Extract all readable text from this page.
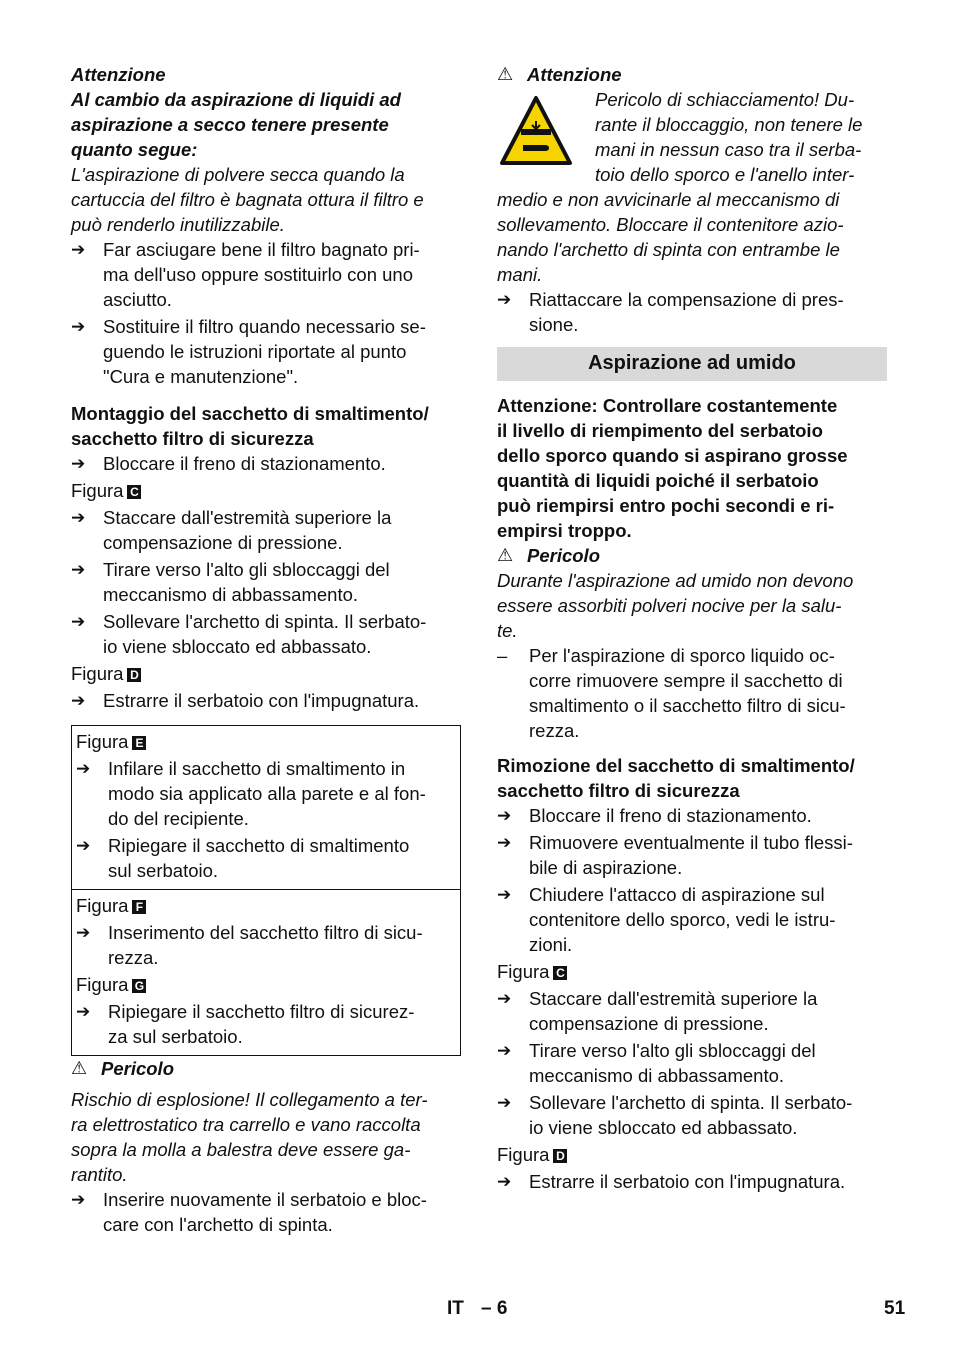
Attenzione

Al cambio da aspirazione di liquidi ad

aspirazione a secco tenere presente

quanto segue:

L'aspirazione di polvere secca quando la

cartuccia del filtro è bagnata ottura il filtro e

può renderlo inutilizzabile.

➔ Far asciugare bene il filtro bagnato pri-
ma dell'uso oppure sostituirlo con uno
asciutto.
➔ Sostituire il filtro quando necessario se-
guendo le istruzioni riportate al punto
"Cura e manutenzione".

Montaggio del sacchetto di smaltimento/

sacchetto filtro di sicurezza

➔ Bloccare il freno di stazionamento.

Figura C

➔ Staccare dall'estremità superiore la
compensazione di pressione.
➔ Tirare verso l'alto gli sbloccaggi del
meccanismo di abbassamento.
➔ Sollevare l'archetto di spinta. Il serbato-
io viene sbloccato ed abbassato.

Figura D

➔ Estrarre il serbatoio con l'impugnatura.

Figura E

➔ Infilare il sacchetto di smaltimento in
modo sia applicato alla parete e al fon-
do del recipiente.
➔ Ripiegare il sacchetto di smaltimento
sul serbatoio.

Figura F

➔ Inserimento del sacchetto filtro di sicu-
rezza.

Figura G

➔ Ripiegare il sacchetto filtro di sicurez-
za sul serbatoio.
⚠ Pericolo

Rischio di esplosione! Il collegamento a ter-

ra elettrostatico tra carrello e vano raccolta

sopra la molla a balestra deve essere ga-

rantito.

➔ Inserire nuovamente il serbatoio e bloc-
care con l'archetto di spinta.
⚠ Attenzione

Pericolo di schiacciamento! Du-

rante il bloccaggio, non tenere le

mani in nessun caso tra il serba-

toio dello sporco e l'anello inter-

medio e non avvicinarle al meccanismo di

sollevamento. Bloccare il contenitore azio-

nando l'archetto di spinta con entrambe le

mani.

➔ Riattaccare la compensazione di pres-
sione.
Aspirazione ad umido

Attenzione: Controllare costantemente

il livello di riempimento del serbatoio

dello sporco quando si aspirano grosse

quantità di liquidi poiché il serbatoio

può riempirsi entro pochi secondi e ri-

empirsi troppo.

⚠ Pericolo

Durante l'aspirazione ad umido non devono

essere assorbiti polveri nocive per la salu-

te.

–	Per l'aspirazione di sporco liquido oc-
corre rimuovere sempre il sacchetto di
smaltimento o il sacchetto filtro di sicu-
rezza.

Rimozione del sacchetto di smaltimento/

sacchetto filtro di sicurezza

➔ Bloccare il freno di stazionamento.
➔ Rimuovere eventualmente il tubo flessi-
bile di aspirazione.
➔ Chiudere l'attacco di aspirazione sul
contenitore dello sporco, vedi le istru-
zioni.

Figura C

➔ Staccare dall'estremità superiore la
compensazione di pressione.
➔ Tirare verso l'alto gli sbloccaggi del
meccanismo di abbassamento.
➔ Sollevare l'archetto di spinta. Il serbato-
io viene sbloccato ed abbassato.

Figura D

➔ Estrarre il serbatoio con l'impugnatura.
IT – 6	51
